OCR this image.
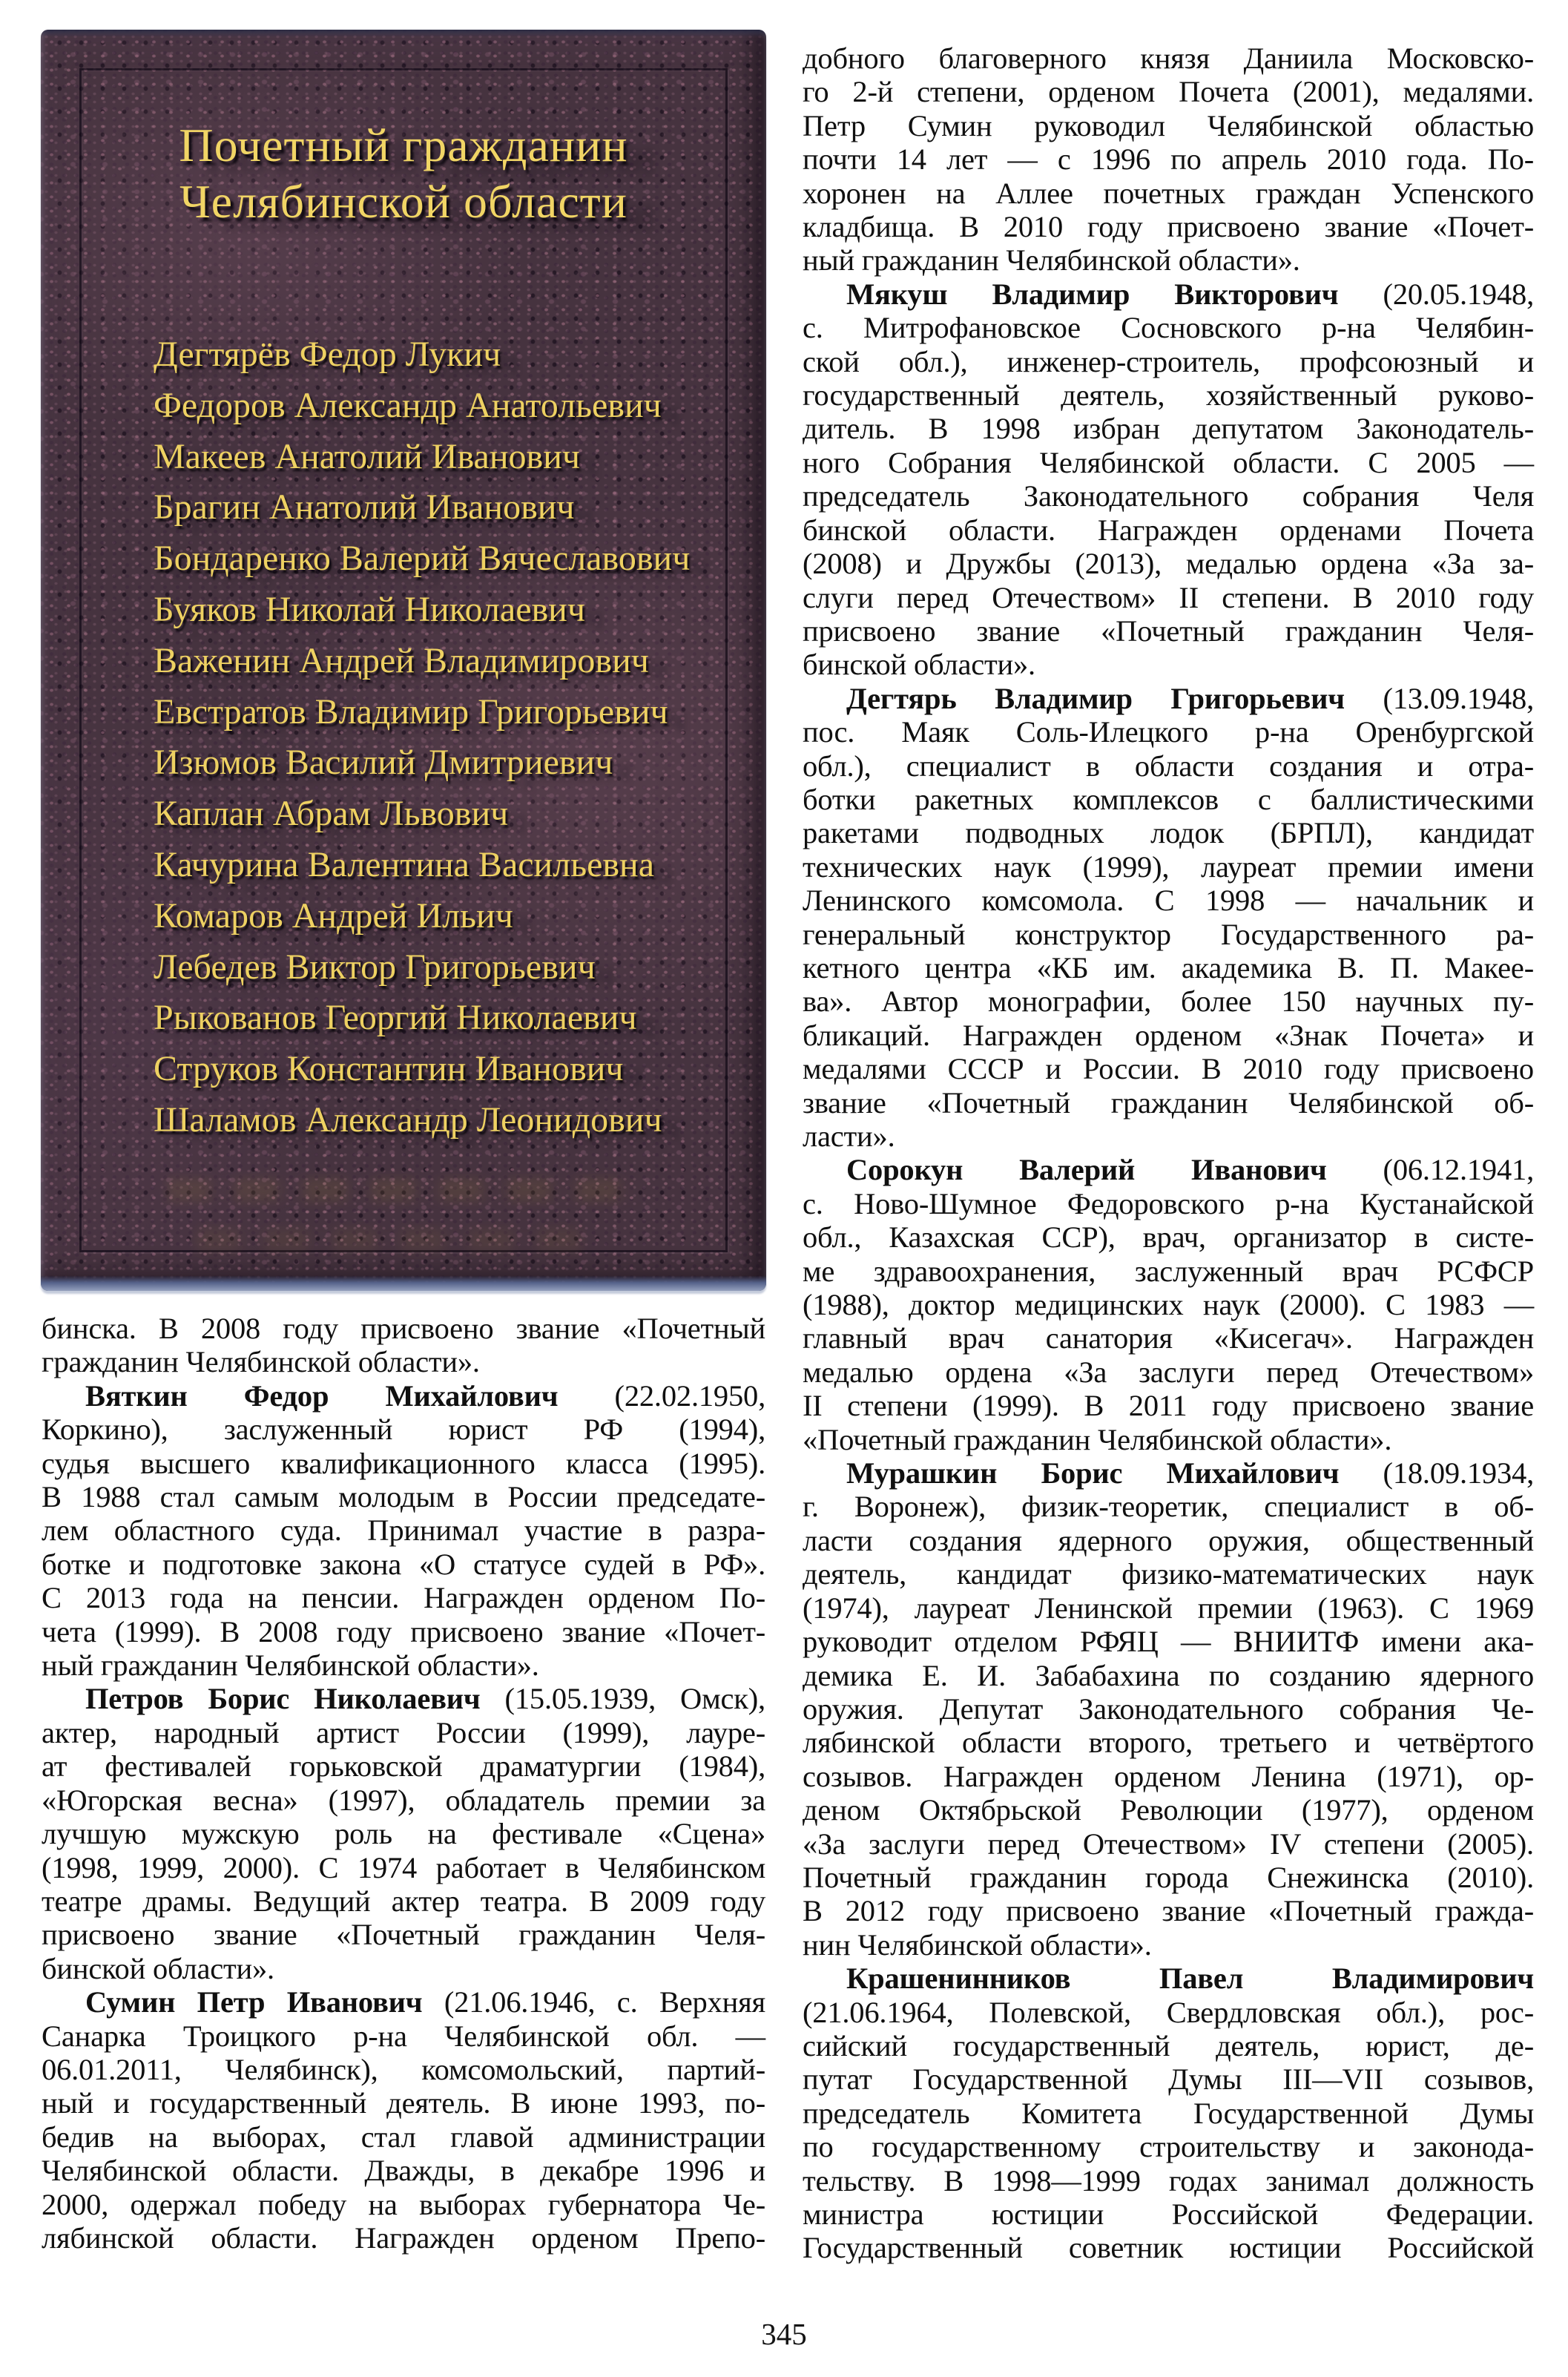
Почетный гражданин
Челябинской области
Дегтярёв Федор Лукич
Федоров Александр Анатольевич
Макеев Анатолий Иванович
Брагин Анатолий Иванович
Бондаренко Валерий Вячеславович
Буяков Николай Николаевич
Важенин Андрей Владимирович
Евстратов Владимир Григорьевич
Изюмов Василий Дмитриевич
Каплан Абрам Львович
Качурина Валентина Васильевна
Комаров Андрей Ильич
Лебедев Виктор Григорьевич
Рыкованов Георгий Николаевич
Струков Константин Иванович
Шаламов Александр Леонидович
бинска. В 2008 году присвоено звание «Почетный
гражданин Челябинской области».
Вяткин Федор Михайлович (22.02.1950,
Коркино), заслуженный юрист РФ (1994),
судья высшего квалификационного класса (1995).
В 1988 стал самым молодым в России председате-
лем областного суда. Принимал участие в разра-
ботке и подготовке закона «О статусе судей в РФ».
С 2013 года на пенсии. Награжден орденом По-
чета (1999). В 2008 году присвоено звание «Почет-
ный гражданин Челябинской области».
Петров Борис Николаевич (15.05.1939, Омск),
актер, народный артист России (1999), лауре-
ат фестивалей горьковской драматургии (1984),
«Югорская весна» (1997), обладатель премии за
лучшую мужскую роль на фестивале «Сцена»
(1998, 1999, 2000). С 1974 работает в Челябинском
театре драмы. Ведущий актер театра. В 2009 году
присвоено звание «Почетный гражданин Челя-
бинской области».
Сумин Петр Иванович (21.06.1946, с. Верхняя
Санарка Троицкого р-на Челябинской обл. —
06.01.2011, Челябинск), комсомольский, партий-
ный и государственный деятель. В июне 1993, по-
бедив на выборах, стал главой администрации
Челябинской области. Дважды, в декабре 1996 и
2000, одержал победу на выборах губернатора Че-
лябинской области. Награжден орденом Препо-
добного благоверного князя Даниила Московско-
го 2-й степени, орденом Почета (2001), медалями.
Петр Сумин руководил Челябинской областью
почти 14 лет — с 1996 по апрель 2010 года. По-
хоронен на Аллее почетных граждан Успенского
кладбища. В 2010 году присвоено звание «Почет-
ный гражданин Челябинской области».
Мякуш Владимир Викторович (20.05.1948,
с. Митрофановское Сосновского р-на Челябин-
ской обл.), инженер-строитель, профсоюзный и
государственный деятель, хозяйственный руково-
дитель. В 1998 избран депутатом Законодатель-
ного Собрания Челябинской области. С 2005 —
председатель Законодательного собрания Челя
бинской области. Награжден орденами Почета
(2008) и Дружбы (2013), медалью ордена «За за-
слуги перед Отечеством» II степени. В 2010 году
присвоено звание «Почетный гражданин Челя-
бинской области».
Дегтярь Владимир Григорьевич (13.09.1948,
пос. Маяк Соль-Илецкого р-на Оренбургской
обл.), специалист в области создания и отра-
ботки ракетных комплексов с баллистическими
ракетами подводных лодок (БРПЛ), кандидат
технических наук (1999), лауреат премии имени
Ленинского комсомола. С 1998 — начальник и
генеральный конструктор Государственного ра-
кетного центра «КБ им. академика В. П. Макее-
ва». Автор монографии, более 150 научных пу-
бликаций. Награжден орденом «Знак Почета» и
медалями СССР и России. В 2010 году присвоено
звание «Почетный гражданин Челябинской об-
ласти».
Сорокун Валерий Иванович (06.12.1941,
с. Ново-Шумное Федоровского р-на Кустанайской
обл., Казахская ССР), врач, организатор в систе-
ме здравоохранения, заслуженный врач РСФСР
(1988), доктор медицинских наук (2000). С 1983 —
главный врач санатория «Кисегач». Награжден
медалью ордена «За заслуги перед Отечеством»
II степени (1999). В 2011 году присвоено звание
«Почетный гражданин Челябинской области».
Мурашкин Борис Михайлович (18.09.1934,
г. Воронеж), физик-теоретик, специалист в об-
ласти создания ядерного оружия, общественный
деятель, кандидат физико-математических наук
(1974), лауреат Ленинской премии (1963). С 1969
руководит отделом РФЯЦ — ВНИИТФ имени ака-
демика Е. И. Забабахина по созданию ядерного
оружия. Депутат Законодательного собрания Че-
лябинской области второго, третьего и четвёртого
созывов. Награжден орденом Ленина (1971), ор-
деном Октябрьской Революции (1977), орденом
«За заслуги перед Отечеством» IV степени (2005).
Почетный гражданин города Снежинска (2010).
В 2012 году присвоено звание «Почетный гражда-
нин Челябинской области».
Крашенинников Павел Владимирович
(21.06.1964, Полевской, Свердловская обл.), рос-
сийский государственный деятель, юрист, де-
путат Государственной Думы III—VII созывов,
председатель Комитета Государственной Думы
по государственному строительству и законода-
тельству. В 1998—1999 годах занимал должность
министра юстиции Российской Федерации.
Государственный советник юстиции Российской
345
